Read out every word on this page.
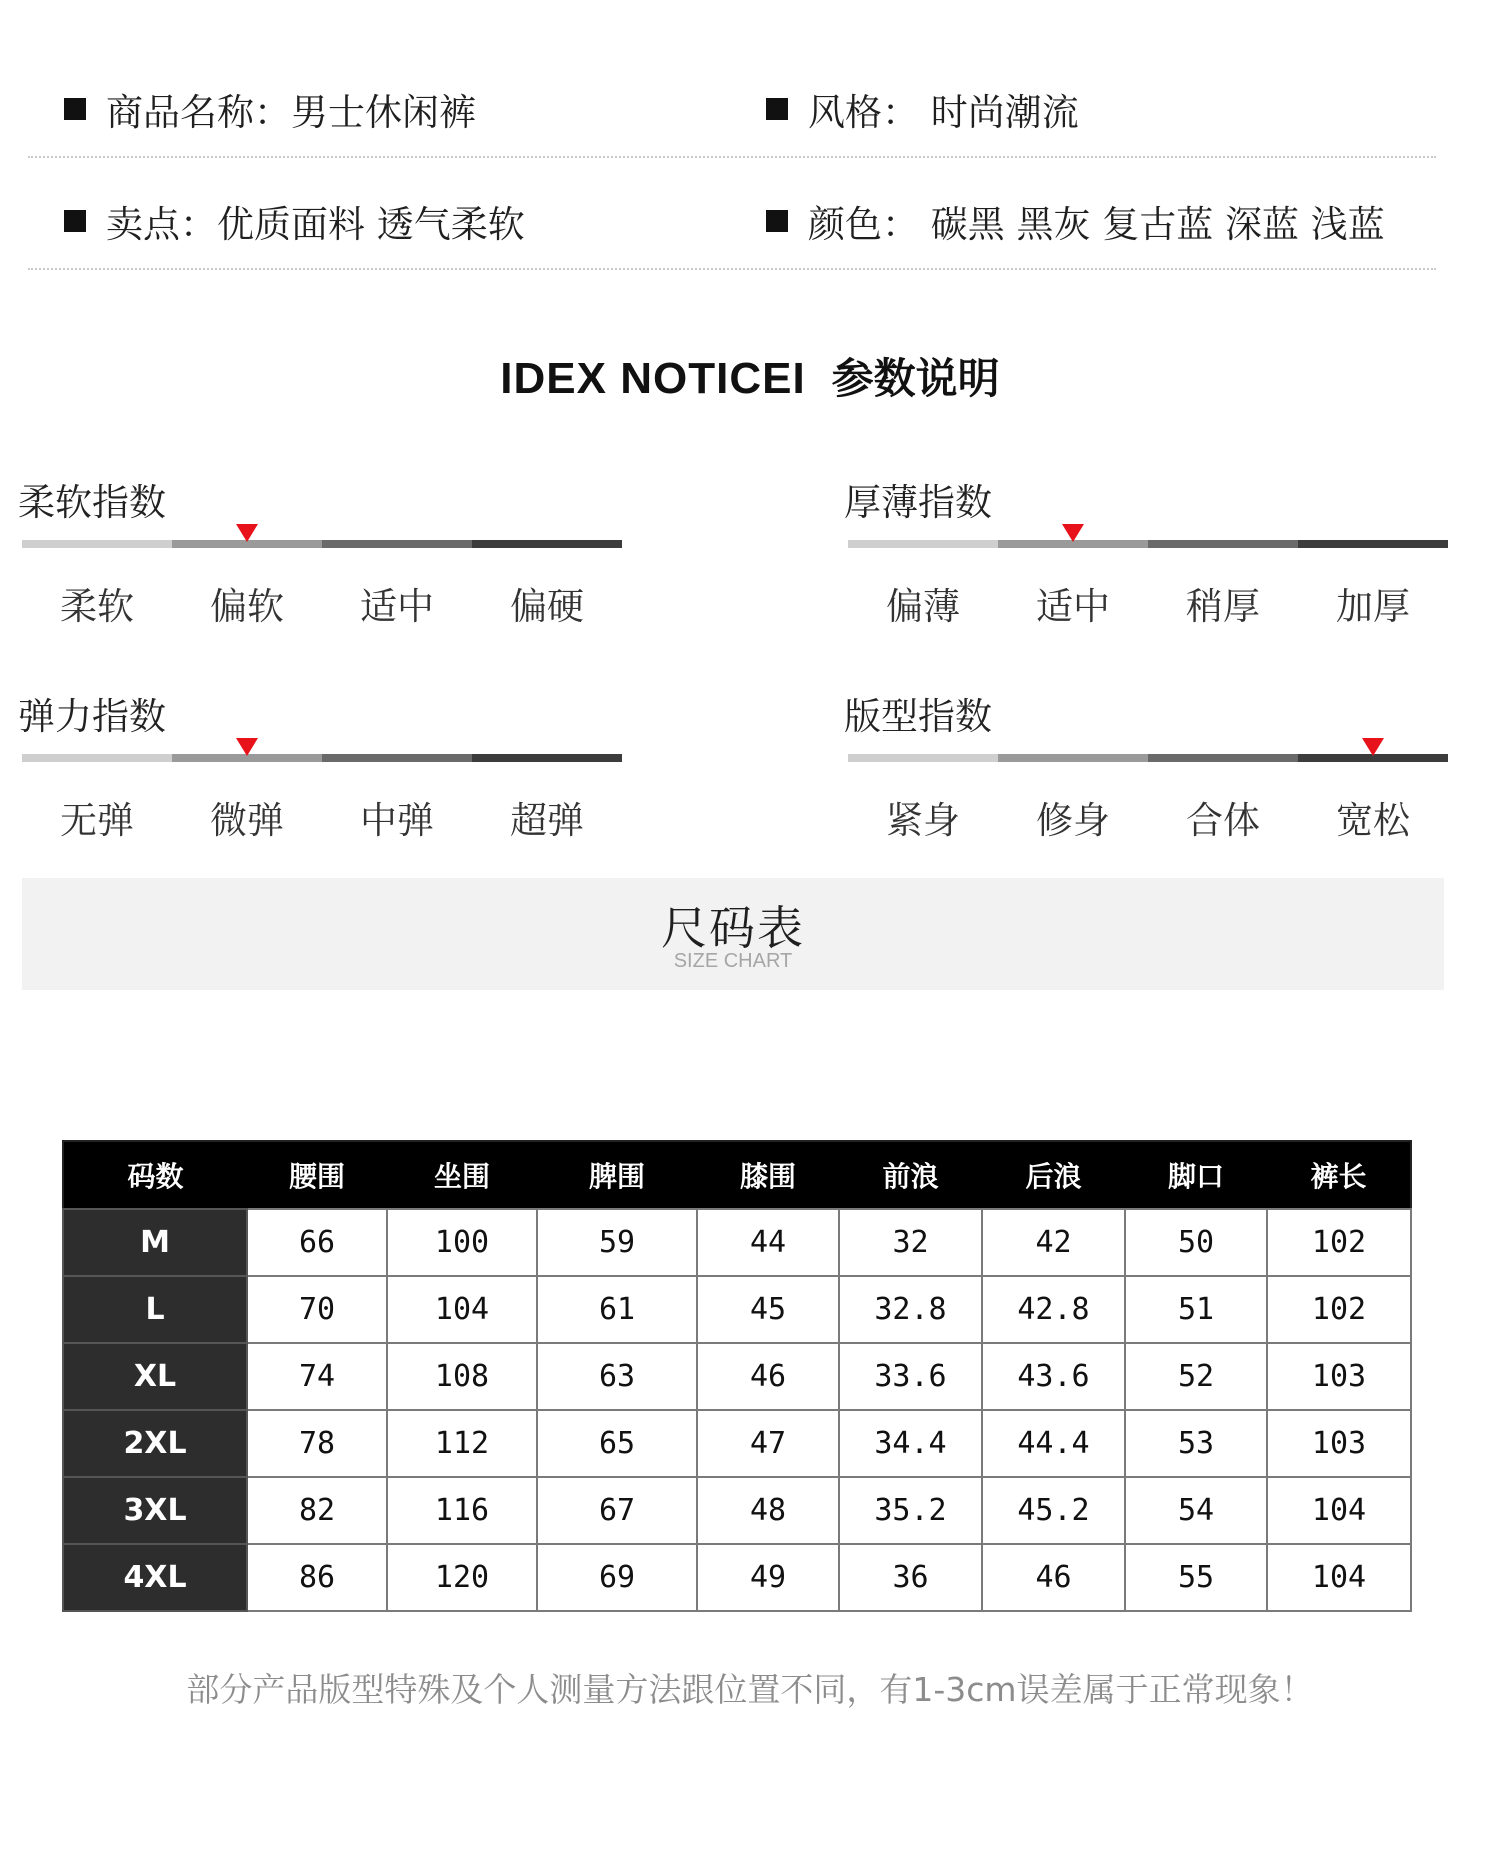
商品名称：男士休闲裤	风格： 时尚潮流
卖点：优质面料 透气柔软	颜色： 碳黑 黑灰 复古蓝 深蓝 浅蓝
IDEX NOTICEI 参数说明
柔软指数
柔软	偏软	适中	偏硬
厚薄指数
偏薄	适中	稍厚	加厚
弹力指数
无弹	微弹	中弹	超弹
版型指数
紧身	修身	合体	宽松
尺码表
SIZE CHART
码数	腰围	坐围	脾围	膝围	前浪	后浪	脚口	裤长
M	66	100	59	44	32	42	50	102
L	70	104	61	45	32.8	42.8	51	102
XL	74	108	63	46	33.6	43.6	52	103
2XL	78	112	65	47	34.4	44.4	53	103
3XL	82	116	67	48	35.2	45.2	54	104
4XL	86	120	69	49	36	46	55	104
部分产品版型特殊及个人测量方法跟位置不同，有1-3cm误差属于正常现象！
